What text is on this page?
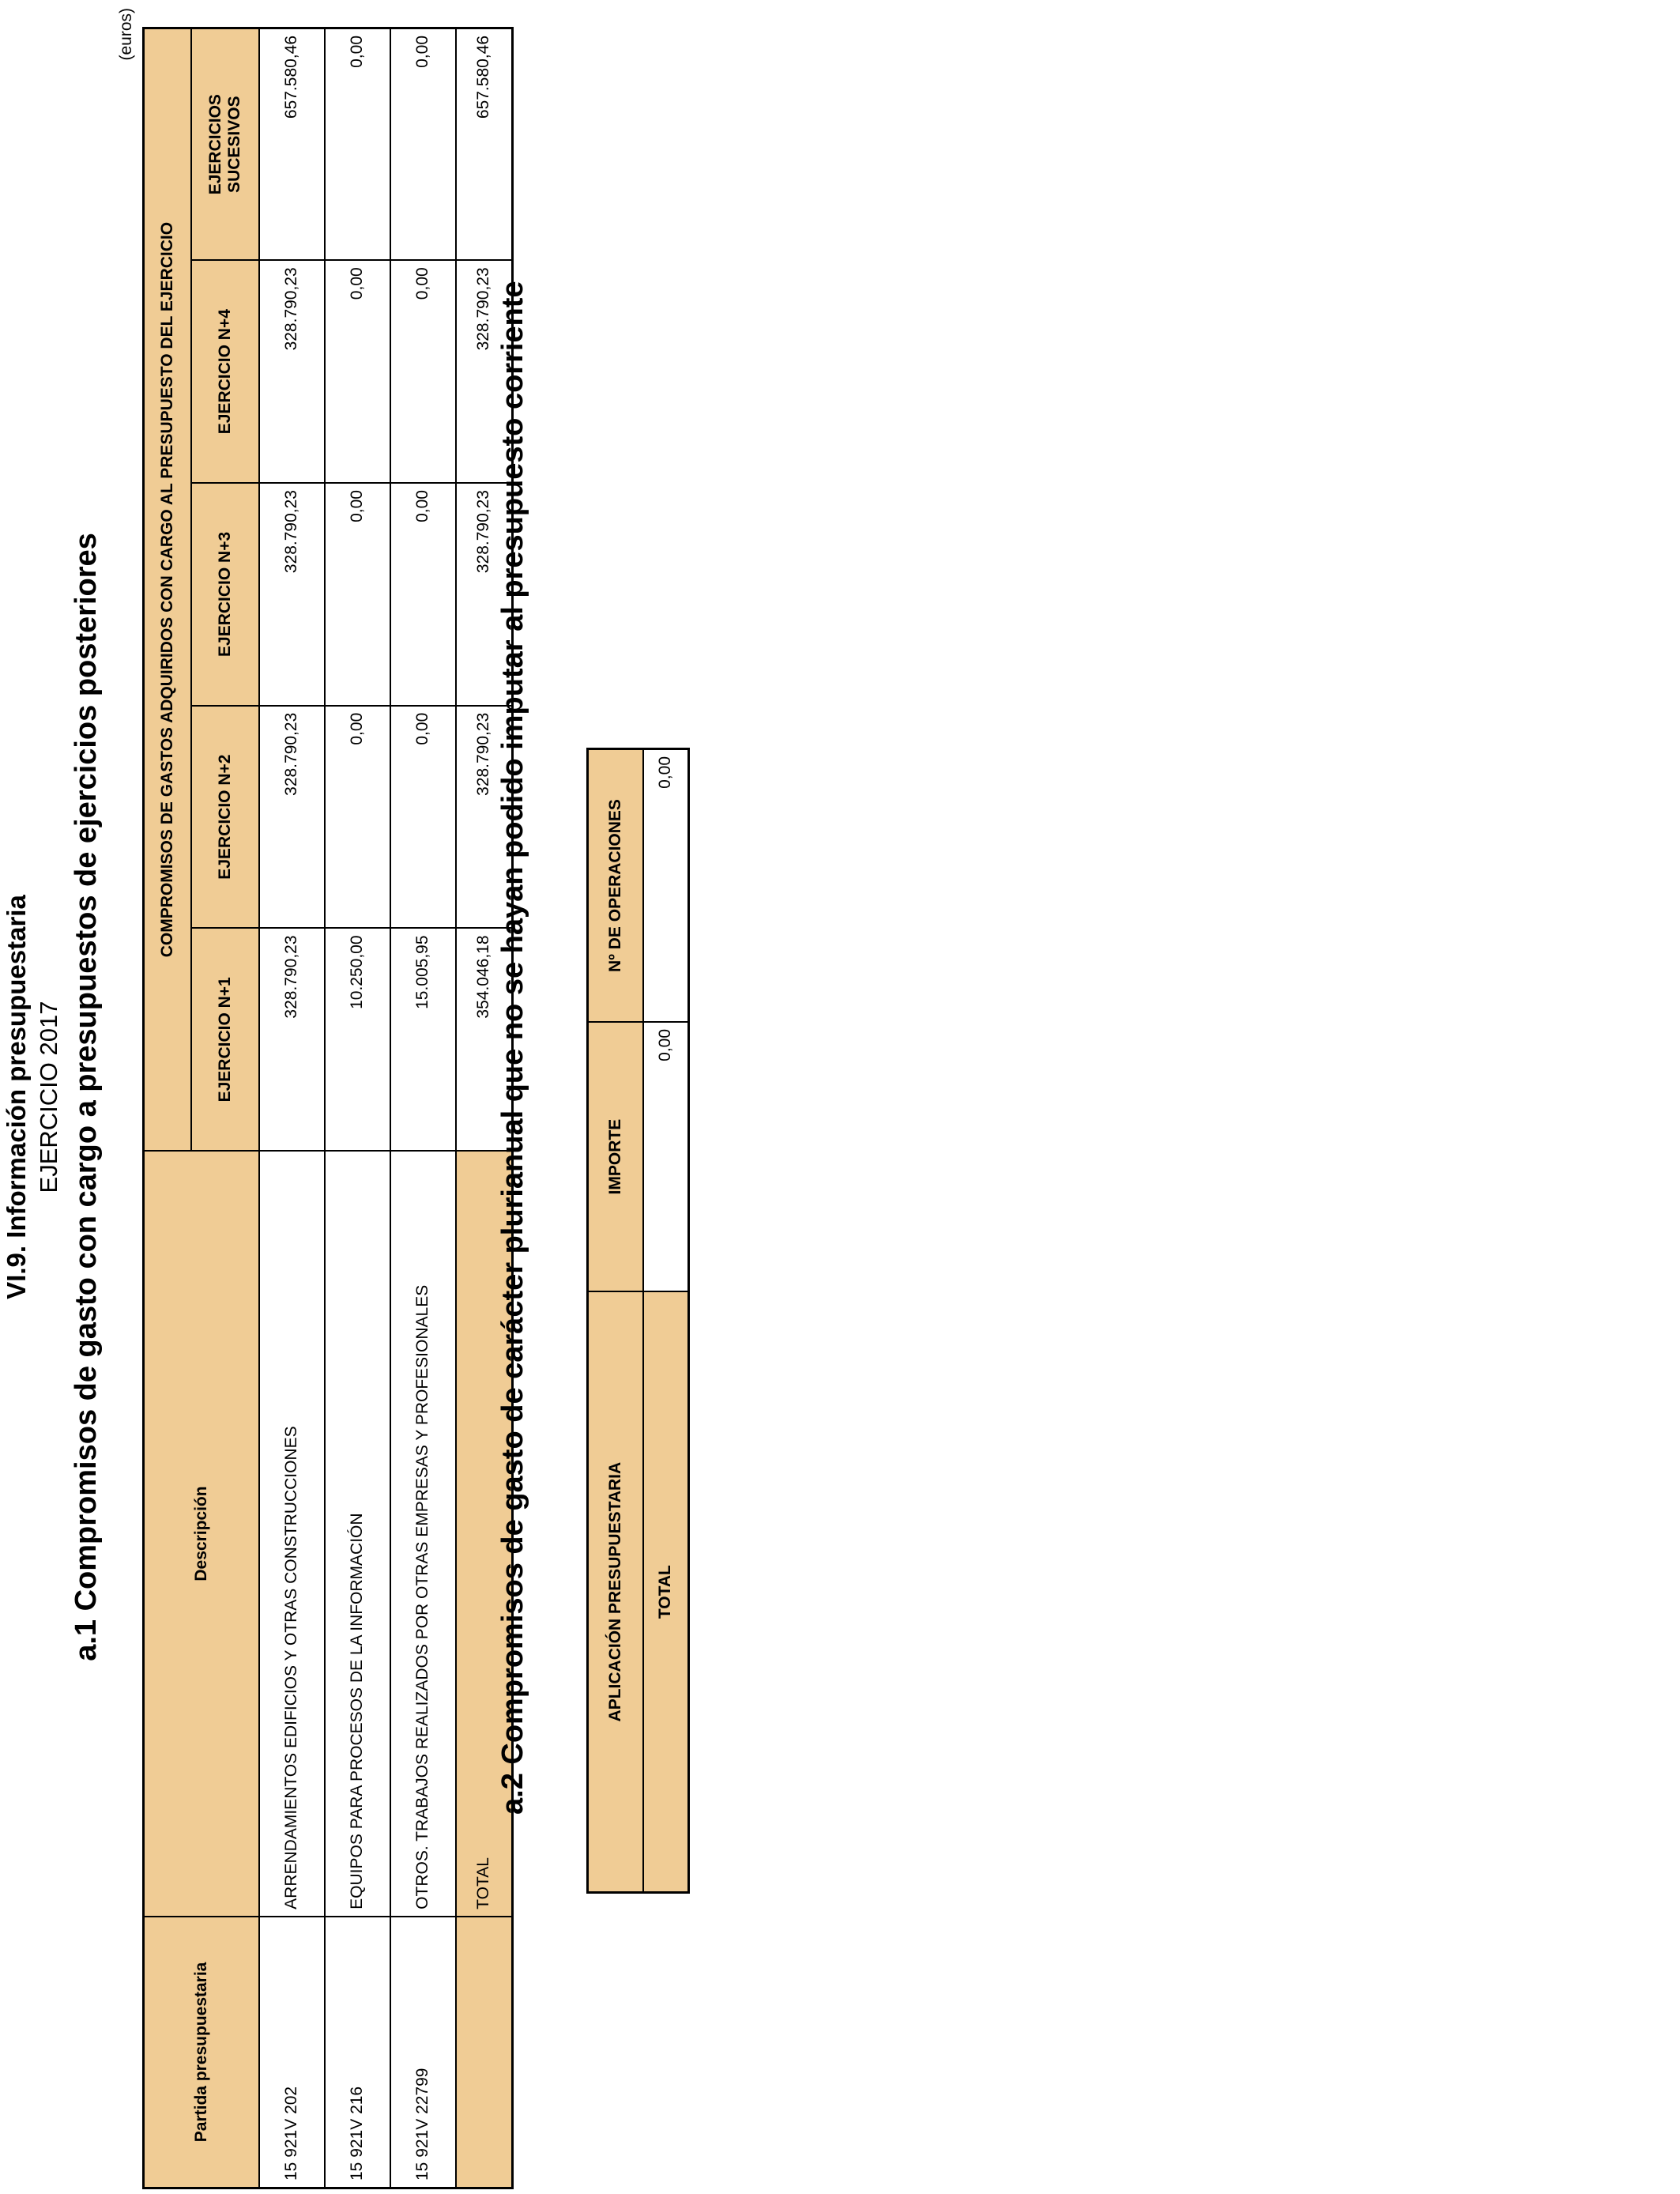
VI.9. Información presupuestaria EJERCICIO 2017 a.1 Compromisos de gasto con cargo a presupuestos de ejercicios posteriores
(euros)
Partida presupuestaria	Descripción	COMPROMISOS DE GASTOS ADQUIRIDOS CON CARGO AL PRESUPUESTO DEL EJERCICIO				
		EJERCICIO N+1	EJERCICIO N+2	EJERCICIO N+3	EJERCICIO N+4	EJERCICIOS
SUCESIVOS
15 921V 202	ARRENDAMIENTOS EDIFICIOS Y OTRAS CONSTRUCCIONES	328.790,23	328.790,23	328.790,23	328.790,23	657.580,46
15 921V 216	EQUIPOS PARA PROCESOS DE LA INFORMACIÓN	10.250,00	0,00	0,00	0,00	0,00
15 921V 22799	OTROS. TRABAJOS REALIZADOS POR OTRAS EMPRESAS Y PROFESIONALES	15.005,95	0,00	0,00	0,00	0,00
	TOTAL	354.046,18	328.790,23	328.790,23	328.790,23	657.580,46
a.2 Compromisos de gasto de carácter plurianual que no se hayan podido imputar al presupuesto corriente	APLICACIÓN PRESUPUESTARIA	IMPORTE	Nº DE OPERACIONES
TOTAL	0,00	0,00
